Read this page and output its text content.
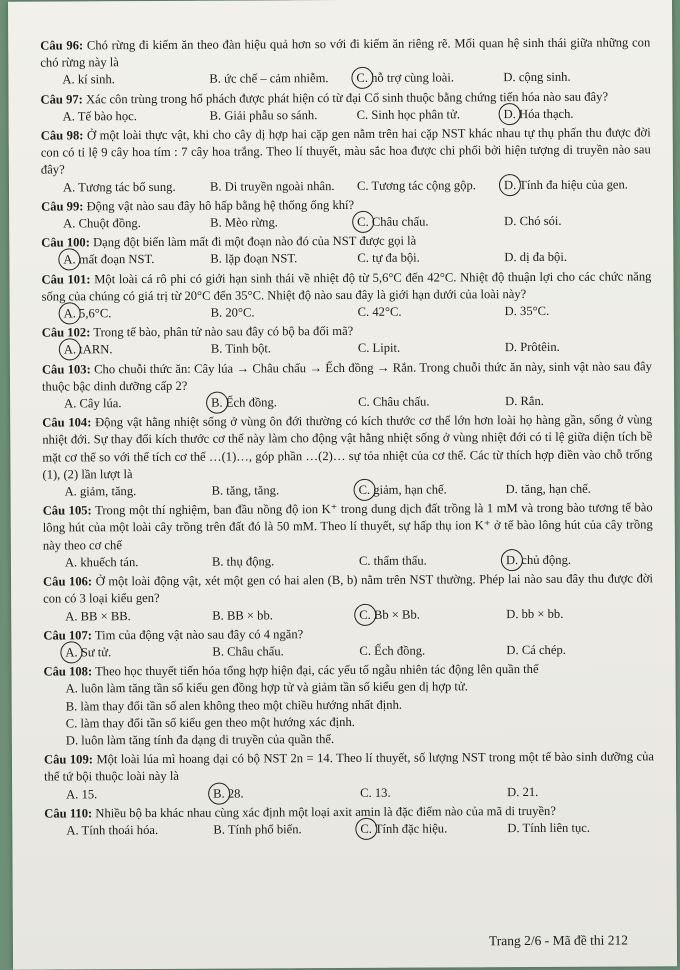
Câu 96: Chó rừng đi kiếm ăn theo đàn hiệu quả hơn so với đi kiếm ăn riêng rẽ. Mối quan hệ sinh thái giữa những con chó rừng này là

A. kí sinh.	B. ức chế – cảm nhiễm.	C. hỗ trợ cùng loài.	D. cộng sinh.

Câu 97: Xác côn trùng trong hổ phách được phát hiện có từ đại Cổ sinh thuộc bằng chứng tiến hóa nào sau đây?

A. Tế bào học.	B. Giải phẫu so sánh.	C. Sinh học phân tử.	D. Hóa thạch.

Câu 98: Ở một loài thực vật, khi cho cây dị hợp hai cặp gen nằm trên hai cặp NST khác nhau tự thụ phấn thu được đời con có tỉ lệ 9 cây hoa tím : 7 cây hoa trắng. Theo lí thuyết, màu sắc hoa được chi phối bởi hiện tượng di truyền nào sau đây?

A. Tương tác bổ sung.	B. Di truyền ngoài nhân.	C. Tương tác cộng gộp.	D. Tính đa hiệu của gen.

Câu 99: Động vật nào sau đây hô hấp bằng hệ thống ống khí?

A. Chuột đồng.	B. Mèo rừng.	C. Châu chấu.	D. Chó sói.

Câu 100: Dạng đột biến làm mất đi một đoạn nào đó của NST được gọi là

A. mất đoạn NST.	B. lặp đoạn NST.	C. tự đa bội.	D. dị đa bội.

Câu 101: Một loài cá rô phi có giới hạn sinh thái về nhiệt độ từ 5,6°C đến 42°C. Nhiệt độ thuận lợi cho các chức năng sống của chúng có giá trị từ 20°C đến 35°C. Nhiệt độ nào sau đây là giới hạn dưới của loài này?

A. 5,6°C.	B. 20°C.	C. 42°C.	D. 35°C.

Câu 102: Trong tế bào, phân tử nào sau đây có bộ ba đối mã?

A. tARN.	B. Tinh bột.	C. Lipit.	D. Prôtêin.

Câu 103: Cho chuỗi thức ăn: Cây lúa → Châu chấu → Ếch đồng → Rắn. Trong chuỗi thức ăn này, sinh vật nào sau đây thuộc bậc dinh dưỡng cấp 2?

A. Cây lúa.	B. Ếch đồng.	C. Châu chấu.	D. Rắn.

Câu 104: Động vật hằng nhiệt sống ở vùng ôn đới thường có kích thước cơ thể lớn hơn loài họ hàng gần, sống ở vùng nhiệt đới. Sự thay đổi kích thước cơ thể này làm cho động vật hằng nhiệt sống ở vùng nhiệt đới có tỉ lệ giữa diện tích bề mặt cơ thể so với thể tích cơ thể …(1)…, góp phần …(2)… sự tỏa nhiệt của cơ thể. Các từ thích hợp điền vào chỗ trống (1), (2) lần lượt là

A. giảm, tăng.	B. tăng, tăng.	C. giảm, hạn chế.	D. tăng, hạn chế.

Câu 105: Trong một thí nghiệm, ban đầu nồng độ ion K⁺ trong dung dịch đất trồng là 1 mM và trong bào tương tế bào lông hút của một loài cây trồng trên đất đó là 50 mM. Theo lí thuyết, sự hấp thụ ion K⁺ ở tế bào lông hút của cây trồng này theo cơ chế

A. khuếch tán.	B. thụ động.	C. thẩm thấu.	D. chủ động.

Câu 106: Ở một loài động vật, xét một gen có hai alen (B, b) nằm trên NST thường. Phép lai nào sau đây thu được đời con có 3 loại kiểu gen?

A. BB × BB.	B. BB × bb.	C. Bb × Bb.	D. bb × bb.

Câu 107: Tim của động vật nào sau đây có 4 ngăn?

A. Sư tử.	B. Châu chấu.	C. Ếch đồng.	D. Cá chép.

Câu 108: Theo học thuyết tiến hóa tổng hợp hiện đại, các yếu tố ngẫu nhiên tác động lên quần thể

A. luôn làm tăng tần số kiểu gen đồng hợp tử và giảm tần số kiểu gen dị hợp tử.
B. làm thay đổi tần số alen không theo một chiều hướng nhất định.
C. làm thay đổi tần số kiểu gen theo một hướng xác định.
D. luôn làm tăng tính đa dạng di truyền của quần thể.

Câu 109: Một loài lúa mì hoang dại có bộ NST 2n = 14. Theo lí thuyết, số lượng NST trong một tế bào sinh dưỡng của thể tứ bội thuộc loài này là

A. 15.	B. 28.	C. 13.	D. 21.

Câu 110: Nhiều bộ ba khác nhau cùng xác định một loại axit amin là đặc điểm nào của mã di truyền?

A. Tính thoái hóa.	B. Tính phổ biến.	C. Tính đặc hiệu.	D. Tính liên tục.
Trang 2/6 - Mã đề thi 212
